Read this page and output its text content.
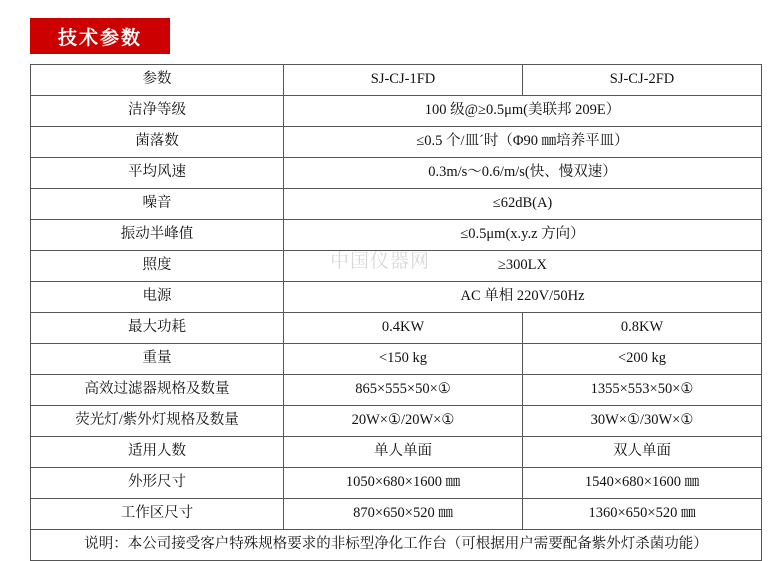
技术参数
中国仪器网
参数	SJ-CJ-1FD	SJ-CJ-2FD
洁净等级	100 级@≥0.5μm(美联邦 209E）	
菌落数	≤0.5 个/皿ˊ时（Φ90 ㎜培养平皿）	
平均风速	0.3m/s～0.6/m/s(快、慢双速）	
噪音	≤62dB(A)	
振动半峰值	≤0.5μm(x.y.z 方向）	
照度	≥300LX	
电源	AC 单相 220V/50Hz	
最大功耗	0.4KW	0.8KW
重量	<150 kg	<200 kg
高效过滤器规格及数量	865×555×50×①	1355×553×50×①
荧光灯/紫外灯规格及数量	20W×①/20W×①	30W×①/30W×①
适用人数	单人单面	双人单面
外形尺寸	1050×680×1600 ㎜	1540×680×1600 ㎜
工作区尺寸	870×650×520 ㎜	1360×650×520 ㎜
说明：本公司接受客户特殊规格要求的非标型净化工作台（可根据用户需要配备紫外灯杀菌功能）		
